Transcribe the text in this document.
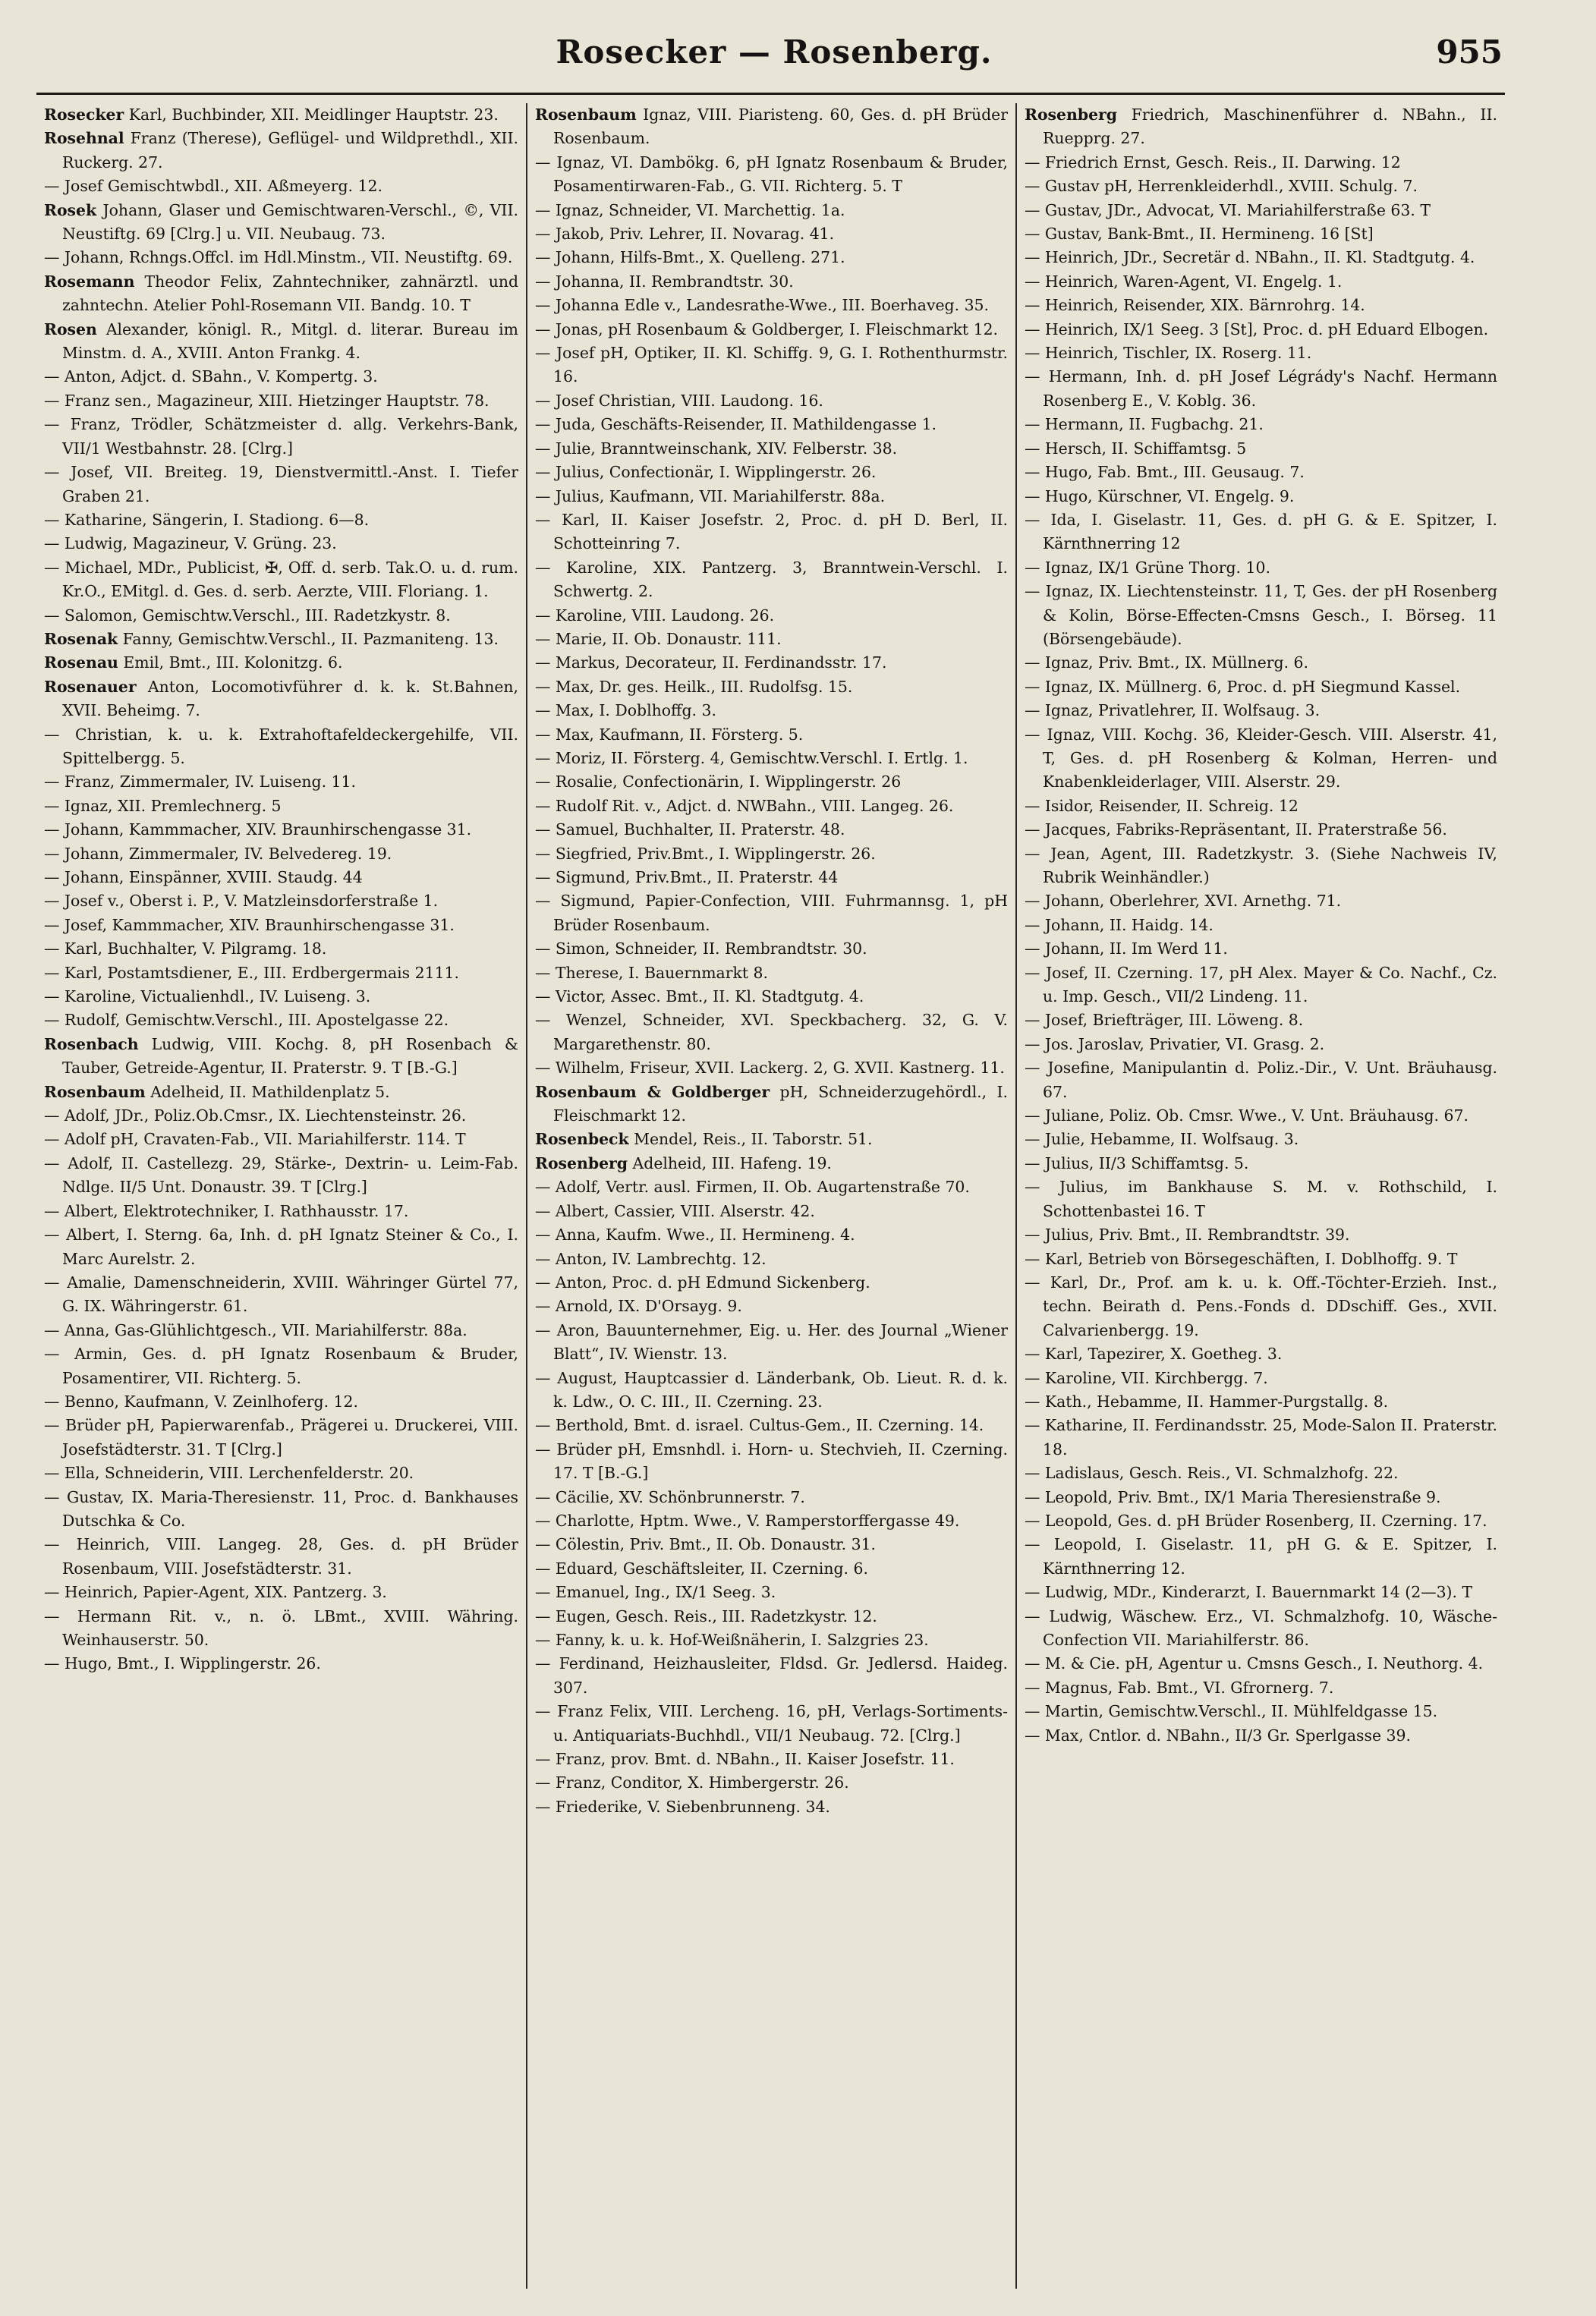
Rosecker — Rosenberg.	955
Rosecker Karl, Buchbinder, XII. Meidlinger Hauptstr. 23.
Rosehnal Franz (Therese), Geflügel- und Wildprethdl., XII. Ruckerg. 27.
— Josef Gemischtwbdl., XII. Aßmeyerg. 12.
Rosek Johann, Glaser und Gemischtwaren-Verschl., ©, VII. Neustiftg. 69 [Clrg.] u. VII. Neubaug. 73.
— Johann, Rchngs.Offcl. im Hdl.Minstm., VII. Neustiftg. 69.
Rosemann Theodor Felix, Zahntechniker, zahnärztl. und zahntechn. Atelier Pohl-Rosemann VII. Bandg. 10. T
Rosen Alexander, königl. R., Mitgl. d. literar. Bureau im Minstm. d. A., XVIII. Anton Frankg. 4.
— Anton, Adjct. d. SBahn., V. Kompertg. 3.
— Franz sen., Magazineur, XIII. Hietzinger Hauptstr. 78.
— Franz, Trödler, Schätzmeister d. allg. Verkehrs-Bank, VII/1 Westbahnstr. 28. [Clrg.]
— Josef, VII. Breiteg. 19, Dienstvermittl.-Anst. I. Tiefer Graben 21.
— Katharine, Sängerin, I. Stadiong. 6—8.
— Ludwig, Magazineur, V. Grüng. 23.
— Michael, MDr., Publicist, ✠, Off. d. serb. Tak.O. u. d. rum. Kr.O., EMitgl. d. Ges. d. serb. Aerzte, VIII. Floriang. 1.
— Salomon, Gemischtw.Verschl., III. Radetzkystr. 8.
Rosenak Fanny, Gemischtw.Verschl., II. Pazmaniteng. 13.
Rosenau Emil, Bmt., III. Kolonitzg. 6.
Rosenauer Anton, Locomotivführer d. k. k. St.Bahnen, XVII. Beheimg. 7.
— Christian, k. u. k. Extrahoftafeldeckergehilfe, VII. Spittelbergg. 5.
— Franz, Zimmermaler, IV. Luiseng. 11.
— Ignaz, XII. Premlechnerg. 5
— Johann, Kammmacher, XIV. Braunhirschengasse 31.
— Johann, Zimmermaler, IV. Belvedereg. 19.
— Johann, Einspänner, XVIII. Staudg. 44
— Josef v., Oberst i. P., V. Matzleinsdorferstraße 1.
— Josef, Kammmacher, XIV. Braunhirschengasse 31.
— Karl, Buchhalter, V. Pilgramg. 18.
— Karl, Postamtsdiener, E., III. Erdbergermais 2111.
— Karoline, Victualienhdl., IV. Luiseng. 3.
— Rudolf, Gemischtw.Verschl., III. Apostelgasse 22.
Rosenbach Ludwig, VIII. Kochg. 8, pH Rosenbach & Tauber, Getreide-Agentur, II. Praterstr. 9. T [B.-G.]
Rosenbaum Adelheid, II. Mathildenplatz 5.
— Adolf, JDr., Poliz.Ob.Cmsr., IX. Liechtensteinstr. 26.
— Adolf pH, Cravaten-Fab., VII. Mariahilferstr. 114. T
— Adolf, II. Castellezg. 29, Stärke-, Dextrin- u. Leim-Fab. Ndlge. II/5 Unt. Donaustr. 39. T [Clrg.]
— Albert, Elektrotechniker, I. Rathhausstr. 17.
— Albert, I. Sterng. 6a, Inh. d. pH Ignatz Steiner & Co., I. Marc Aurelstr. 2.
— Amalie, Damenschneiderin, XVIII. Währinger Gürtel 77, G. IX. Währingerstr. 61.
— Anna, Gas-Glühlichtgesch., VII. Mariahilferstr. 88a.
— Armin, Ges. d. pH Ignatz Rosenbaum & Bruder, Posamentirer, VII. Richterg. 5.
— Benno, Kaufmann, V. Zeinlhoferg. 12.
— Brüder pH, Papierwarenfab., Prägerei u. Druckerei, VIII. Josefstädterstr. 31. T [Clrg.]
— Ella, Schneiderin, VIII. Lerchenfelderstr. 20.
— Gustav, IX. Maria-Theresienstr. 11, Proc. d. Bankhauses Dutschka & Co.
— Heinrich, VIII. Langeg. 28, Ges. d. pH Brüder Rosenbaum, VIII. Josefstädterstr. 31.
— Heinrich, Papier-Agent, XIX. Pantzerg. 3.
— Hermann Rit. v., n. ö. LBmt., XVIII. Währing. Weinhauserstr. 50.
— Hugo, Bmt., I. Wipplingerstr. 26.
Rosenbaum Ignaz, VIII. Piaristeng. 60, Ges. d. pH Brüder Rosenbaum.
— Ignaz, VI. Dambökg. 6, pH Ignatz Rosenbaum & Bruder, Posamentirwaren-Fab., G. VII. Richterg. 5. T
— Ignaz, Schneider, VI. Marchettig. 1a.
— Jakob, Priv. Lehrer, II. Novarag. 41.
— Johann, Hilfs-Bmt., X. Quelleng. 271.
— Johanna, II. Rembrandtstr. 30.
— Johanna Edle v., Landesrathe-Wwe., III. Boerhaveg. 35.
— Jonas, pH Rosenbaum & Goldberger, I. Fleischmarkt 12.
— Josef pH, Optiker, II. Kl. Schiffg. 9, G. I. Rothenthurmstr. 16.
— Josef Christian, VIII. Laudong. 16.
— Juda, Geschäfts-Reisender, II. Mathildengasse 1.
— Julie, Branntweinschank, XIV. Felberstr. 38.
— Julius, Confectionär, I. Wipplingerstr. 26.
— Julius, Kaufmann, VII. Mariahilferstr. 88a.
— Karl, II. Kaiser Josefstr. 2, Proc. d. pH D. Berl, II. Schotteinring 7.
— Karoline, XIX. Pantzerg. 3, Branntwein-Verschl. I. Schwertg. 2.
— Karoline, VIII. Laudong. 26.
— Marie, II. Ob. Donaustr. 111.
— Markus, Decorateur, II. Ferdinandsstr. 17.
— Max, Dr. ges. Heilk., III. Rudolfsg. 15.
— Max, I. Doblhoffg. 3.
— Max, Kaufmann, II. Försterg. 5.
— Moriz, II. Försterg. 4, Gemischtw.Verschl. I. Ertlg. 1.
— Rosalie, Confectionärin, I. Wipplingerstr. 26
— Rudolf Rit. v., Adjct. d. NWBahn., VIII. Langeg. 26.
— Samuel, Buchhalter, II. Praterstr. 48.
— Siegfried, Priv.Bmt., I. Wipplingerstr. 26.
— Sigmund, Priv.Bmt., II. Praterstr. 44
— Sigmund, Papier-Confection, VIII. Fuhrmannsg. 1, pH Brüder Rosenbaum.
— Simon, Schneider, II. Rembrandtstr. 30.
— Therese, I. Bauernmarkt 8.
— Victor, Assec. Bmt., II. Kl. Stadtgutg. 4.
— Wenzel, Schneider, XVI. Speckbacherg. 32, G. V. Margarethenstr. 80.
— Wilhelm, Friseur, XVII. Lackerg. 2, G. XVII. Kastnerg. 11.
Rosenbaum & Goldberger pH, Schneiderzugehördl., I. Fleischmarkt 12.
Rosenbeck Mendel, Reis., II. Taborstr. 51.
Rosenberg Adelheid, III. Hafeng. 19.
— Adolf, Vertr. ausl. Firmen, II. Ob. Augartenstraße 70.
— Albert, Cassier, VIII. Alserstr. 42.
— Anna, Kaufm. Wwe., II. Hermineng. 4.
— Anton, IV. Lambrechtg. 12.
— Anton, Proc. d. pH Edmund Sickenberg.
— Arnold, IX. D'Orsayg. 9.
— Aron, Bauunternehmer, Eig. u. Her. des Journal „Wiener Blatt“, IV. Wienstr. 13.
— August, Hauptcassier d. Länderbank, Ob. Lieut. R. d. k. k. Ldw., O. C. III., II. Czerning. 23.
— Berthold, Bmt. d. israel. Cultus-Gem., II. Czerning. 14.
— Brüder pH, Emsnhdl. i. Horn- u. Stechvieh, II. Czerning. 17. T [B.-G.]
— Cäcilie, XV. Schönbrunnerstr. 7.
— Charlotte, Hptm. Wwe., V. Ramperstorffergasse 49.
— Cölestin, Priv. Bmt., II. Ob. Donaustr. 31.
— Eduard, Geschäftsleiter, II. Czerning. 6.
— Emanuel, Ing., IX/1 Seeg. 3.
— Eugen, Gesch. Reis., III. Radetzkystr. 12.
— Fanny, k. u. k. Hof-Weißnäherin, I. Salzgries 23.
— Ferdinand, Heizhausleiter, Fldsd. Gr. Jedlersd. Haideg. 307.
— Franz Felix, VIII. Lercheng. 16, pH, Verlags-Sortiments- u. Antiquariats-Buchhdl., VII/1 Neubaug. 72. [Clrg.]
— Franz, prov. Bmt. d. NBahn., II. Kaiser Josefstr. 11.
— Franz, Conditor, X. Himbergerstr. 26.
— Friederike, V. Siebenbrunneng. 34.
Rosenberg Friedrich, Maschinenführer d. NBahn., II. Ruepprg. 27.
— Friedrich Ernst, Gesch. Reis., II. Darwing. 12
— Gustav pH, Herrenkleiderhdl., XVIII. Schulg. 7.
— Gustav, JDr., Advocat, VI. Mariahilferstraße 63. T
— Gustav, Bank-Bmt., II. Hermineng. 16 [St]
— Heinrich, JDr., Secretär d. NBahn., II. Kl. Stadtgutg. 4.
— Heinrich, Waren-Agent, VI. Engelg. 1.
— Heinrich, Reisender, XIX. Bärnrohrg. 14.
— Heinrich, IX/1 Seeg. 3 [St], Proc. d. pH Eduard Elbogen.
— Heinrich, Tischler, IX. Roserg. 11.
— Hermann, Inh. d. pH Josef Légrády's Nachf. Hermann Rosenberg E., V. Koblg. 36.
— Hermann, II. Fugbachg. 21.
— Hersch, II. Schiffamtsg. 5
— Hugo, Fab. Bmt., III. Geusaug. 7.
— Hugo, Kürschner, VI. Engelg. 9.
— Ida, I. Giselastr. 11, Ges. d. pH G. & E. Spitzer, I. Kärnthnerring 12
— Ignaz, IX/1 Grüne Thorg. 10.
— Ignaz, IX. Liechtensteinstr. 11, T, Ges. der pH Rosenberg & Kolin, Börse-Effecten-Cmsns Gesch., I. Börseg. 11 (Börsengebäude).
— Ignaz, Priv. Bmt., IX. Müllnerg. 6.
— Ignaz, IX. Müllnerg. 6, Proc. d. pH Siegmund Kassel.
— Ignaz, Privatlehrer, II. Wolfsaug. 3.
— Ignaz, VIII. Kochg. 36, Kleider-Gesch. VIII. Alserstr. 41, T, Ges. d. pH Rosenberg & Kolman, Herren- und Knabenkleiderlager, VIII. Alserstr. 29.
— Isidor, Reisender, II. Schreig. 12
— Jacques, Fabriks-Repräsentant, II. Praterstraße 56.
— Jean, Agent, III. Radetzkystr. 3. (Siehe Nachweis IV, Rubrik Weinhändler.)
— Johann, Oberlehrer, XVI. Arnethg. 71.
— Johann, II. Haidg. 14.
— Johann, II. Im Werd 11.
— Josef, II. Czerning. 17, pH Alex. Mayer & Co. Nachf., Cz. u. Imp. Gesch., VII/2 Lindeng. 11.
— Josef, Briefträger, III. Löweng. 8.
— Jos. Jaroslav, Privatier, VI. Grasg. 2.
— Josefine, Manipulantin d. Poliz.-Dir., V. Unt. Bräuhausg. 67.
— Juliane, Poliz. Ob. Cmsr. Wwe., V. Unt. Bräuhausg. 67.
— Julie, Hebamme, II. Wolfsaug. 3.
— Julius, II/3 Schiffamtsg. 5.
— Julius, im Bankhause S. M. v. Rothschild, I. Schottenbastei 16. T
— Julius, Priv. Bmt., II. Rembrandtstr. 39.
— Karl, Betrieb von Börsegeschäften, I. Doblhoffg. 9. T
— Karl, Dr., Prof. am k. u. k. Off.-Töchter-Erzieh. Inst., techn. Beirath d. Pens.-Fonds d. DDschiff. Ges., XVII. Calvarienbergg. 19.
— Karl, Tapezirer, X. Goetheg. 3.
— Karoline, VII. Kirchbergg. 7.
— Kath., Hebamme, II. Hammer-Purgstallg. 8.
— Katharine, II. Ferdinandsstr. 25, Mode-Salon II. Praterstr. 18.
— Ladislaus, Gesch. Reis., VI. Schmalzhofg. 22.
— Leopold, Priv. Bmt., IX/1 Maria Theresienstraße 9.
— Leopold, Ges. d. pH Brüder Rosenberg, II. Czerning. 17.
— Leopold, I. Giselastr. 11, pH G. & E. Spitzer, I. Kärnthnerring 12.
— Ludwig, MDr., Kinderarzt, I. Bauernmarkt 14 (2—3). T
— Ludwig, Wäschew. Erz., VI. Schmalzhofg. 10, Wäsche-Confection VII. Mariahilferstr. 86.
— M. & Cie. pH, Agentur u. Cmsns Gesch., I. Neuthorg. 4.
— Magnus, Fab. Bmt., VI. Gfrornerg. 7.
— Martin, Gemischtw.Verschl., II. Mühlfeldgasse 15.
— Max, Cntlor. d. NBahn., II/3 Gr. Sperlgasse 39.
